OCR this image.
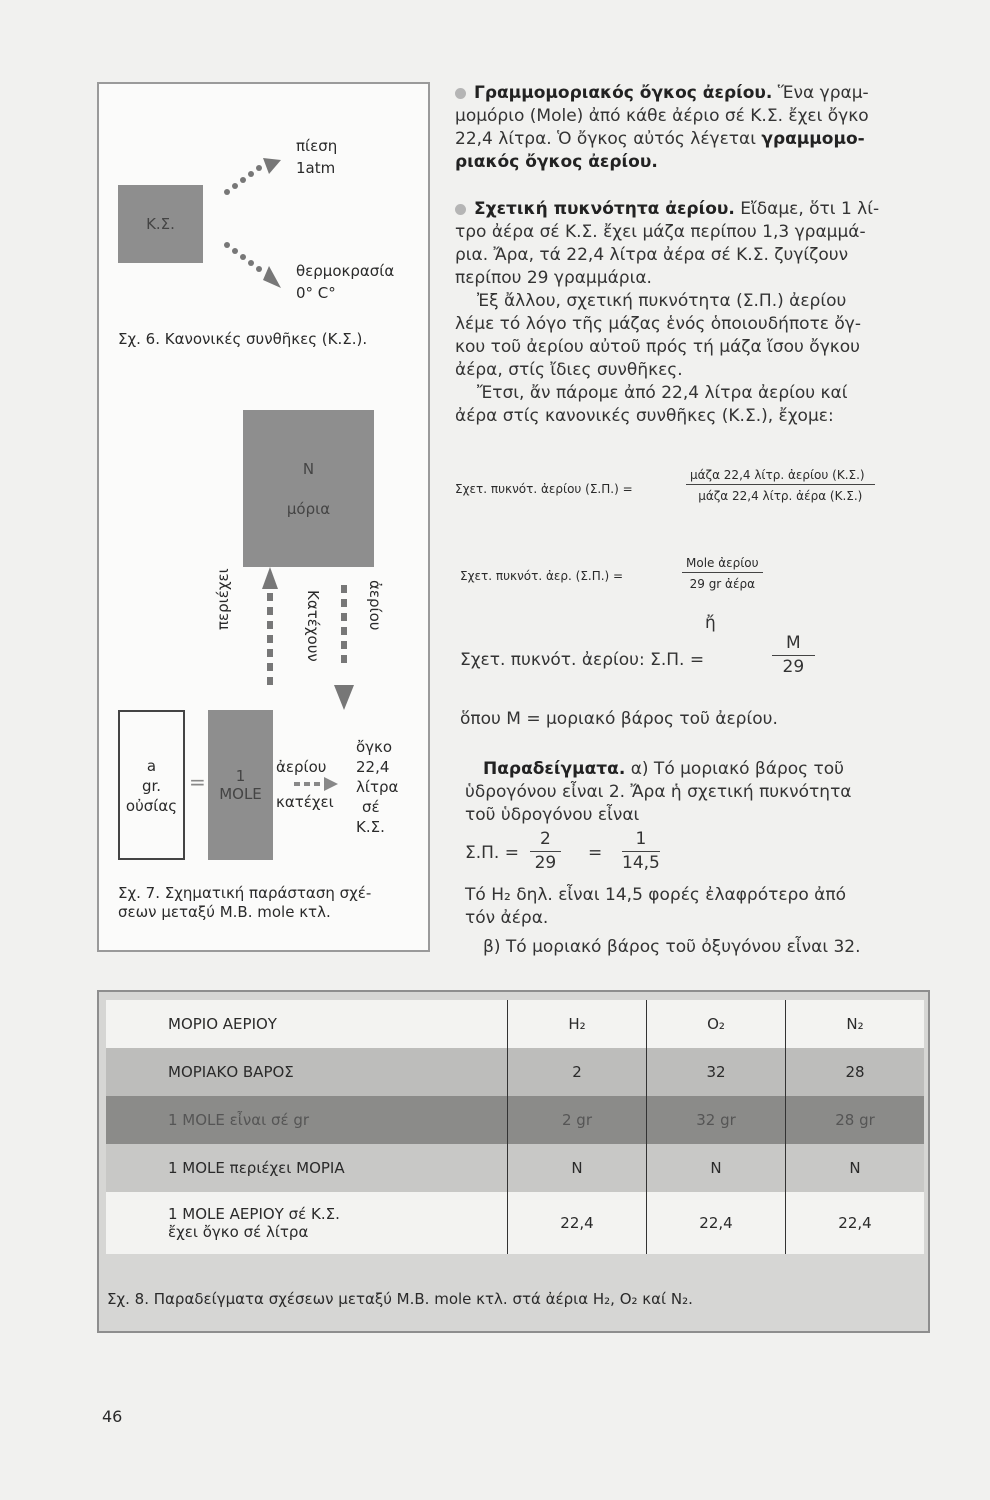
Κ.Σ.
πίεση
1atm
θερμοκρασία
0° C°
Σχ. 6. Κανονικές συνθῆκες (Κ.Σ.).
N
μόρια
περιέχει	Κατέχουν	ἀερίου
a
gr.
οὐσίας
= 1
MOLE
ἀερίου
κατέχει
ὄγκο
22,4
λίτρα
σέ
Κ.Σ.
Σχ. 7. Σχηματική παράσταση σχέ-
σεων μεταξύ Μ.Β. mole κτλ.
Γραμμομοριακός ὄγκος ἀερίου. Ἕνα γραμ-
μομόριο (Mole) ἀπό κάθε ἀέριο σέ Κ.Σ. ἔχει ὄγκο
22,4 λίτρα. Ὁ ὄγκος αὐτός λέγεται γραμμομο-
ριακός ὄγκος ἀερίου.
Σχετική πυκνότητα ἀερίου. Εἴδαμε, ὅτι 1 λί-
τρο ἀέρα σέ Κ.Σ. ἔχει μάζα περίπου 1,3 γραμμά-
ρια. Ἄρα, τά 22,4 λίτρα ἀέρα σέ Κ.Σ. ζυγίζουν
περίπου 29 γραμμάρια.
Ἐξ ἄλλου, σχετική πυκνότητα (Σ.Π.) ἀερίου
λέμε τό λόγο τῆς μάζας ἑνός ὁποιουδήποτε ὄγ-
κου τοῦ ἀερίου αὐτοῦ πρός τή μάζα ἴσου ὄγκου
ἀέρα, στίς ἴδιες συνθῆκες.
Ἔτσι, ἄν πάρομε ἀπό 22,4 λίτρα ἀερίου καί
ἀέρα στίς κανονικές συνθῆκες (Κ.Σ.), ἔχομε:
Σχετ. πυκνότ. ἀερίου (Σ.Π.) =
μάζα 22,4 λίτρ. ἀερίου (Κ.Σ.)
μάζα 22,4 λίτρ. ἀέρα (Κ.Σ.)
Σχετ. πυκνότ. ἀερ. (Σ.Π.) =
Mole ἀερίου
29 gr ἀέρα
ἤ
Σχετ. πυκνότ. ἀερίου: Σ.Π. =	$\frac{M}{29}$
ὅπου Μ = μοριακό βάρος τοῦ ἀερίου.
Παραδείγματα. α) Τό μοριακό βάρος τοῦ
ὑδρογόνου εἶναι 2. Ἄρα ἡ σχετική πυκνότητα
τοῦ ὑδρογόνου εἶναι
Σ.Π. = $\frac{2}{29} = \frac{1}{14,5}$
Τό H₂ δηλ. εἶναι 14,5 φορές ἐλαφρότερο ἀπό
τόν ἀέρα.
β) Τό μοριακό βάρος τοῦ ὀξυγόνου εἶναι 32.
ΜΟΡΙΟ ΑΕΡΙΟΥ	H₂	O₂	N₂
ΜΟΡΙΑΚΟ ΒΑΡΟΣ	2	32	28
1 MOLE εἶναι σέ gr	2 gr	32 gr	28 gr
1 MOLE περιέχει ΜΟΡΙΑ	N	N	N

1 MOLE ΑΕΡΙΟΥ σέ Κ.Σ.
ἔχει ὄγκο σέ λίτρα	22,4	22,4	22,4
Σχ. 8. Παραδείγματα σχέσεων μεταξύ Μ.Β. mole κτλ. στά ἀέρια H₂, O₂ καί N₂.
46
